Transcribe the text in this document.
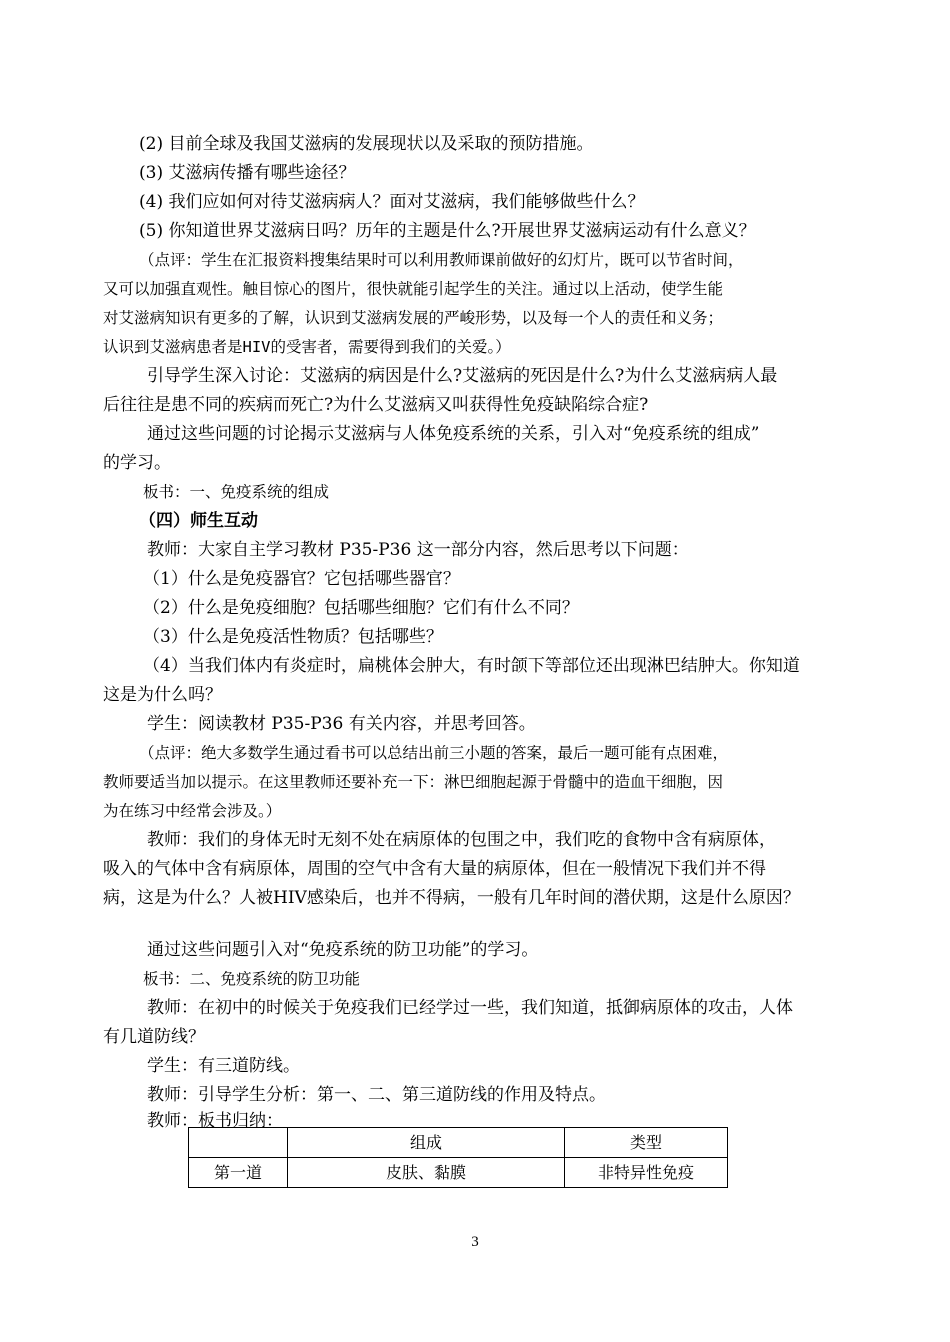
(2) 目前全球及我国艾滋病的发展现状以及采取的预防措施。
(3) 艾滋病传播有哪些途径？
(4) 我们应如何对待艾滋病病人？面对艾滋病，我们能够做些什么？
(5) 你知道世界艾滋病日吗？历年的主题是什么?开展世界艾滋病运动有什么意义？
（点评：学生在汇报资料搜集结果时可以利用教师课前做好的幻灯片，既可以节省时间，
又可以加强直观性。触目惊心的图片，很快就能引起学生的关注。通过以上活动，使学生能
对艾滋病知识有更多的了解，认识到艾滋病发展的严峻形势，以及每一个人的责任和义务；
认识到艾滋病患者是HIV的受害者，需要得到我们的关爱。）
引导学生深入讨论：艾滋病的病因是什么?艾滋病的死因是什么?为什么艾滋病病人最
后往往是患不同的疾病而死亡?为什么艾滋病又叫获得性免疫缺陷综合症?
通过这些问题的讨论揭示艾滋病与人体免疫系统的关系，引入对“免疫系统的组成”
的学习。
板书：一、免疫系统的组成
（四）师生互动
教师：大家自主学习教材 P35-P36 这一部分内容，然后思考以下问题：
（1）什么是免疫器官？它包括哪些器官？
（2）什么是免疫细胞？包括哪些细胞？它们有什么不同？
（3）什么是免疫活性物质？包括哪些？
（4）当我们体内有炎症时，扁桃体会肿大，有时颌下等部位还出现淋巴结肿大。你知道
这是为什么吗？
学生：阅读教材 P35-P36 有关内容，并思考回答。
（点评：绝大多数学生通过看书可以总结出前三小题的答案，最后一题可能有点困难，
教师要适当加以提示。在这里教师还要补充一下：淋巴细胞起源于骨髓中的造血干细胞，因
为在练习中经常会涉及。）
教师：我们的身体无时无刻不处在病原体的包围之中，我们吃的食物中含有病原体，
吸入的气体中含有病原体，周围的空气中含有大量的病原体，但在一般情况下我们并不得
病，这是为什么？人被HIV感染后，也并不得病，一般有几年时间的潜伏期，这是什么原因？
通过这些问题引入对“免疫系统的防卫功能”的学习。
板书：二、免疫系统的防卫功能
教师：在初中的时候关于免疫我们已经学过一些，我们知道，抵御病原体的攻击，人体
有几道防线？
学生：有三道防线。
教师：引导学生分析：第一、二、第三道防线的作用及特点。
教师：板书归纳：
	组成	类型
第一道	皮肤、黏膜	非特异性免疫
3
